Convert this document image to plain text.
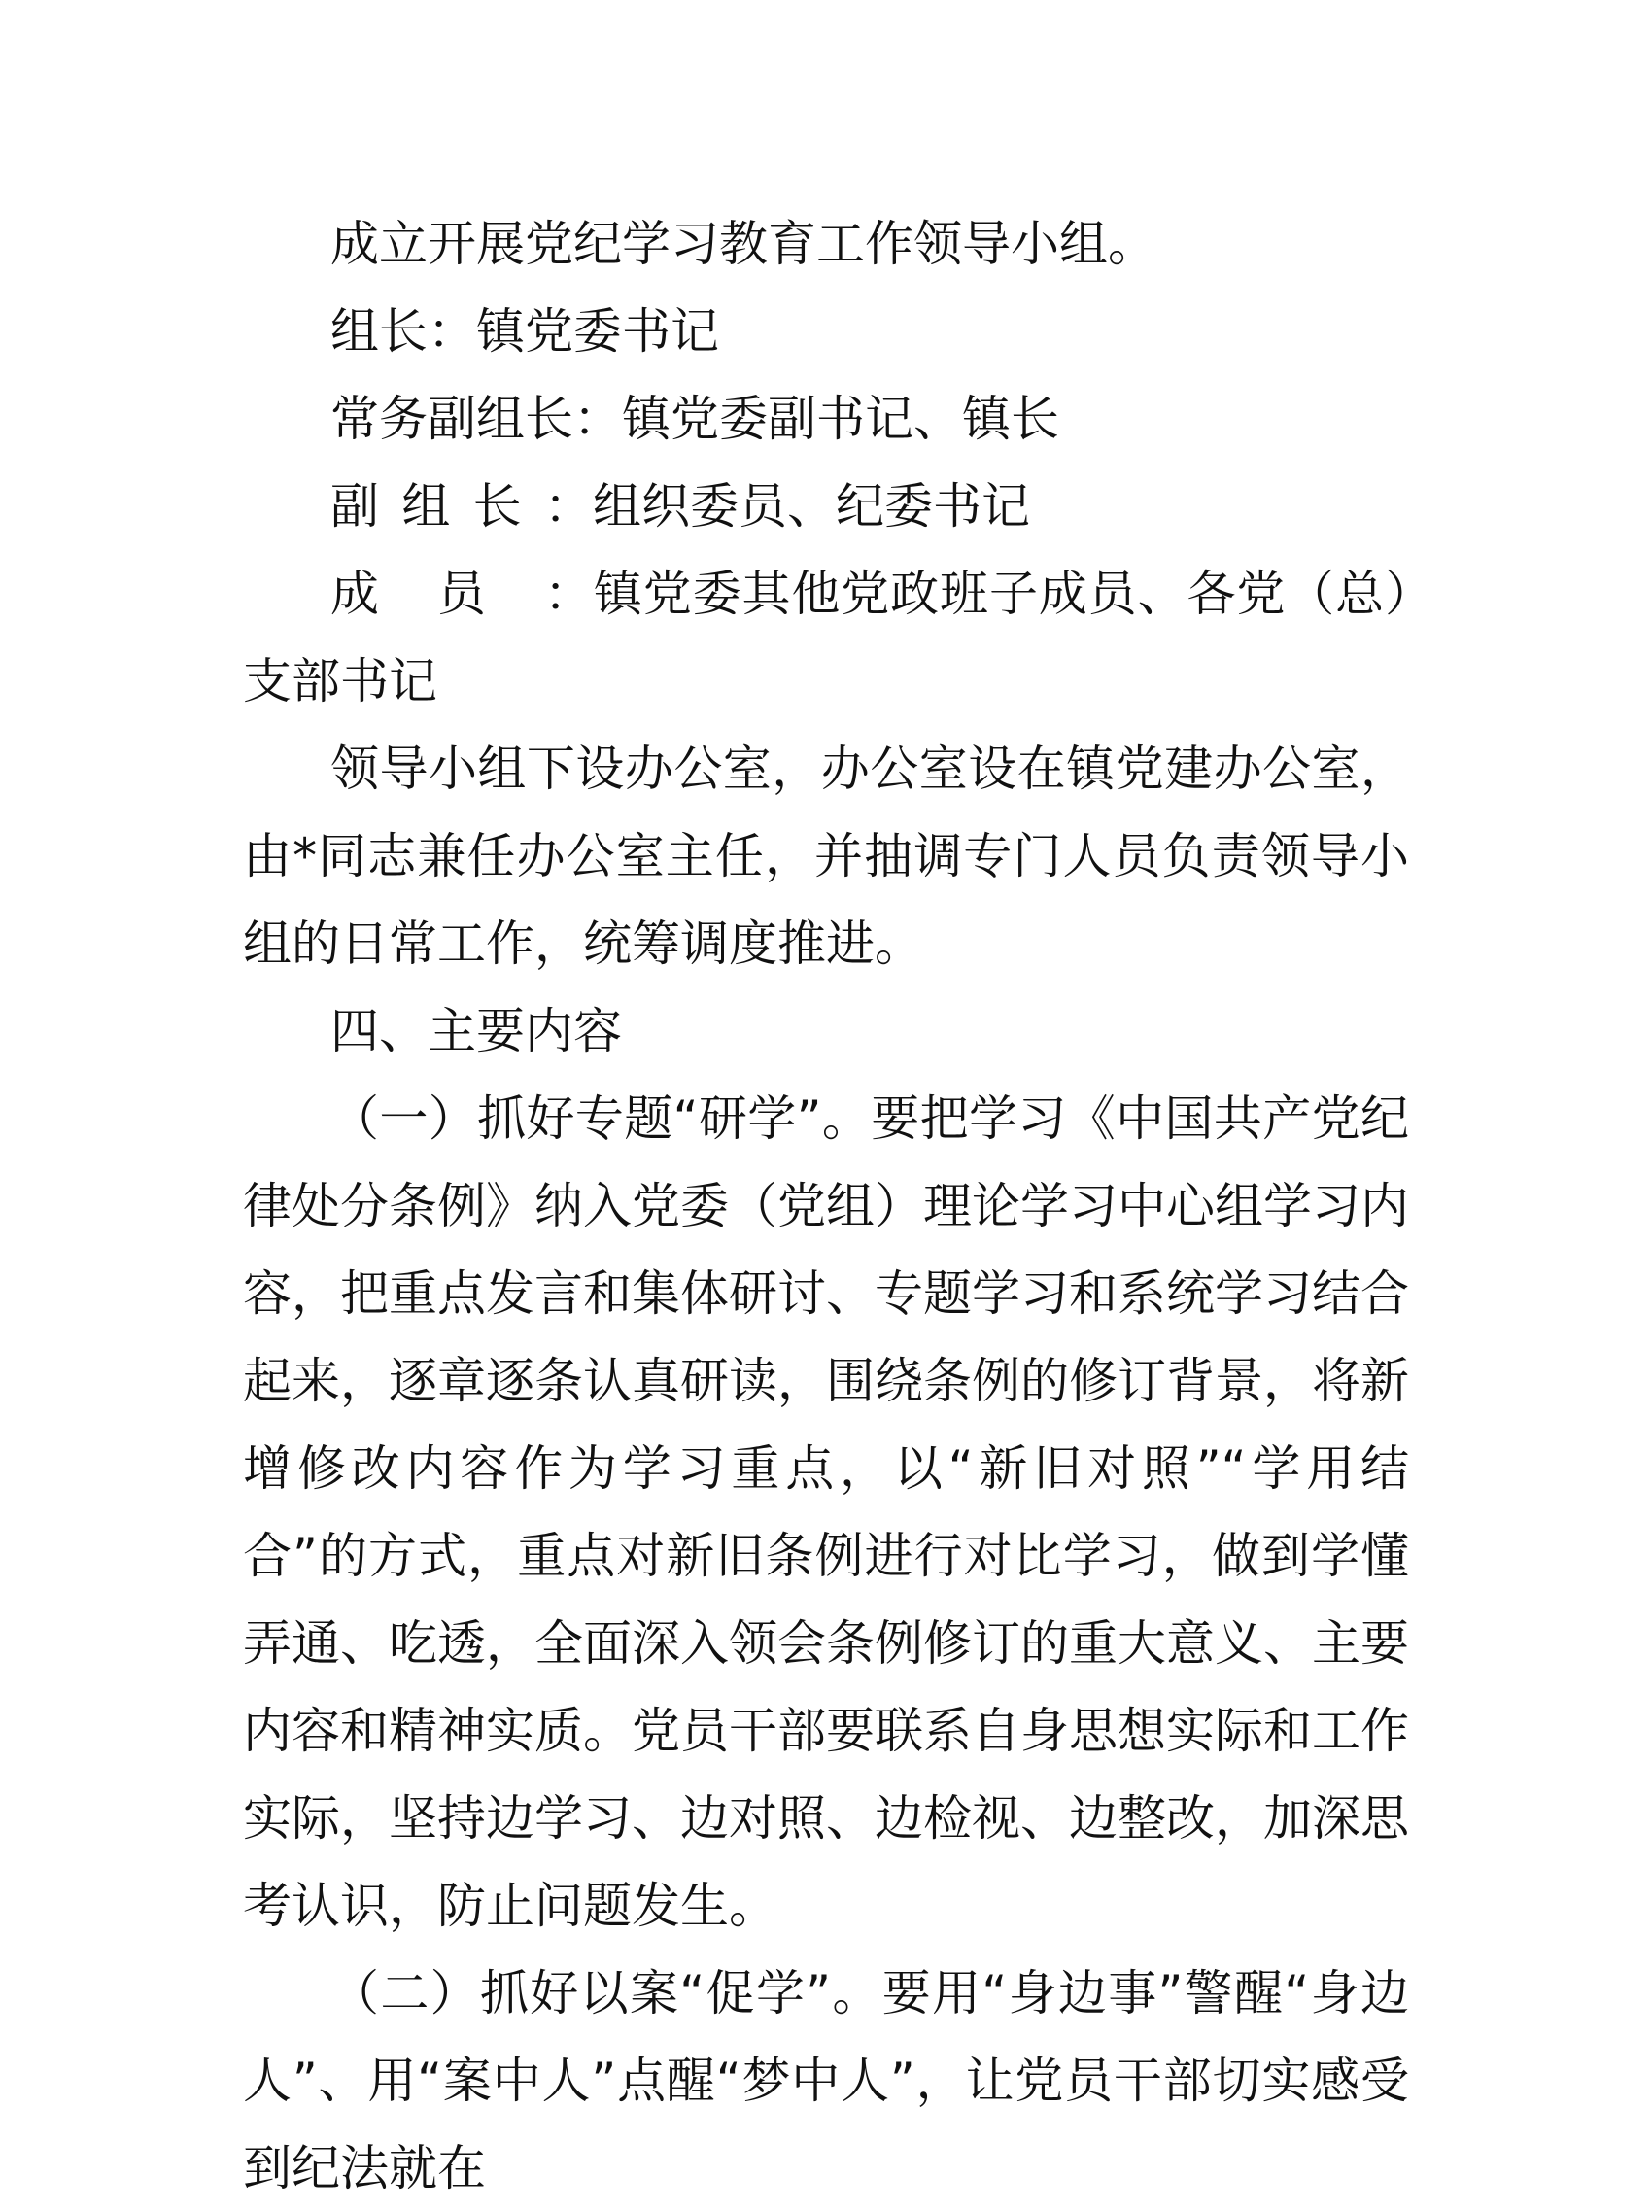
成立开展党纪学习教育工作领导小组。

组长：镇党委书记

常务副组长：镇党委副书记、镇长

副组长：组织委员、纪委书记

成员：镇党委其他党政班子成员、各党（总）支部书记

领导小组下设办公室，办公室设在镇党建办公室，由*同志兼任办公室主任，并抽调专门人员负责领导小组的日常工作，统筹调度推进。

四、主要内容

（一）抓好专题“研学”。要把学习《中国共产党纪律处分条例》纳入党委（党组）理论学习中心组学习内容，把重点发言和集体研讨、专题学习和系统学习结合起来，逐章逐条认真研读，围绕条例的修订背景，将新增修改内容作为学习重点，以“新旧对照”“学用结合”的方式，重点对新旧条例进行对比学习，做到学懂弄通、吃透，全面深入领会条例修订的重大意义、主要内容和精神实质。党员干部要联系自身思想实际和工作实际，坚持边学习、边对照、边检视、边整改，加深思考认识，防止问题发生。

（二）抓好以案“促学”。要用“身边事”警醒“身边人”、用“案中人”点醒“梦中人”，让党员干部切实感受到纪法就在
